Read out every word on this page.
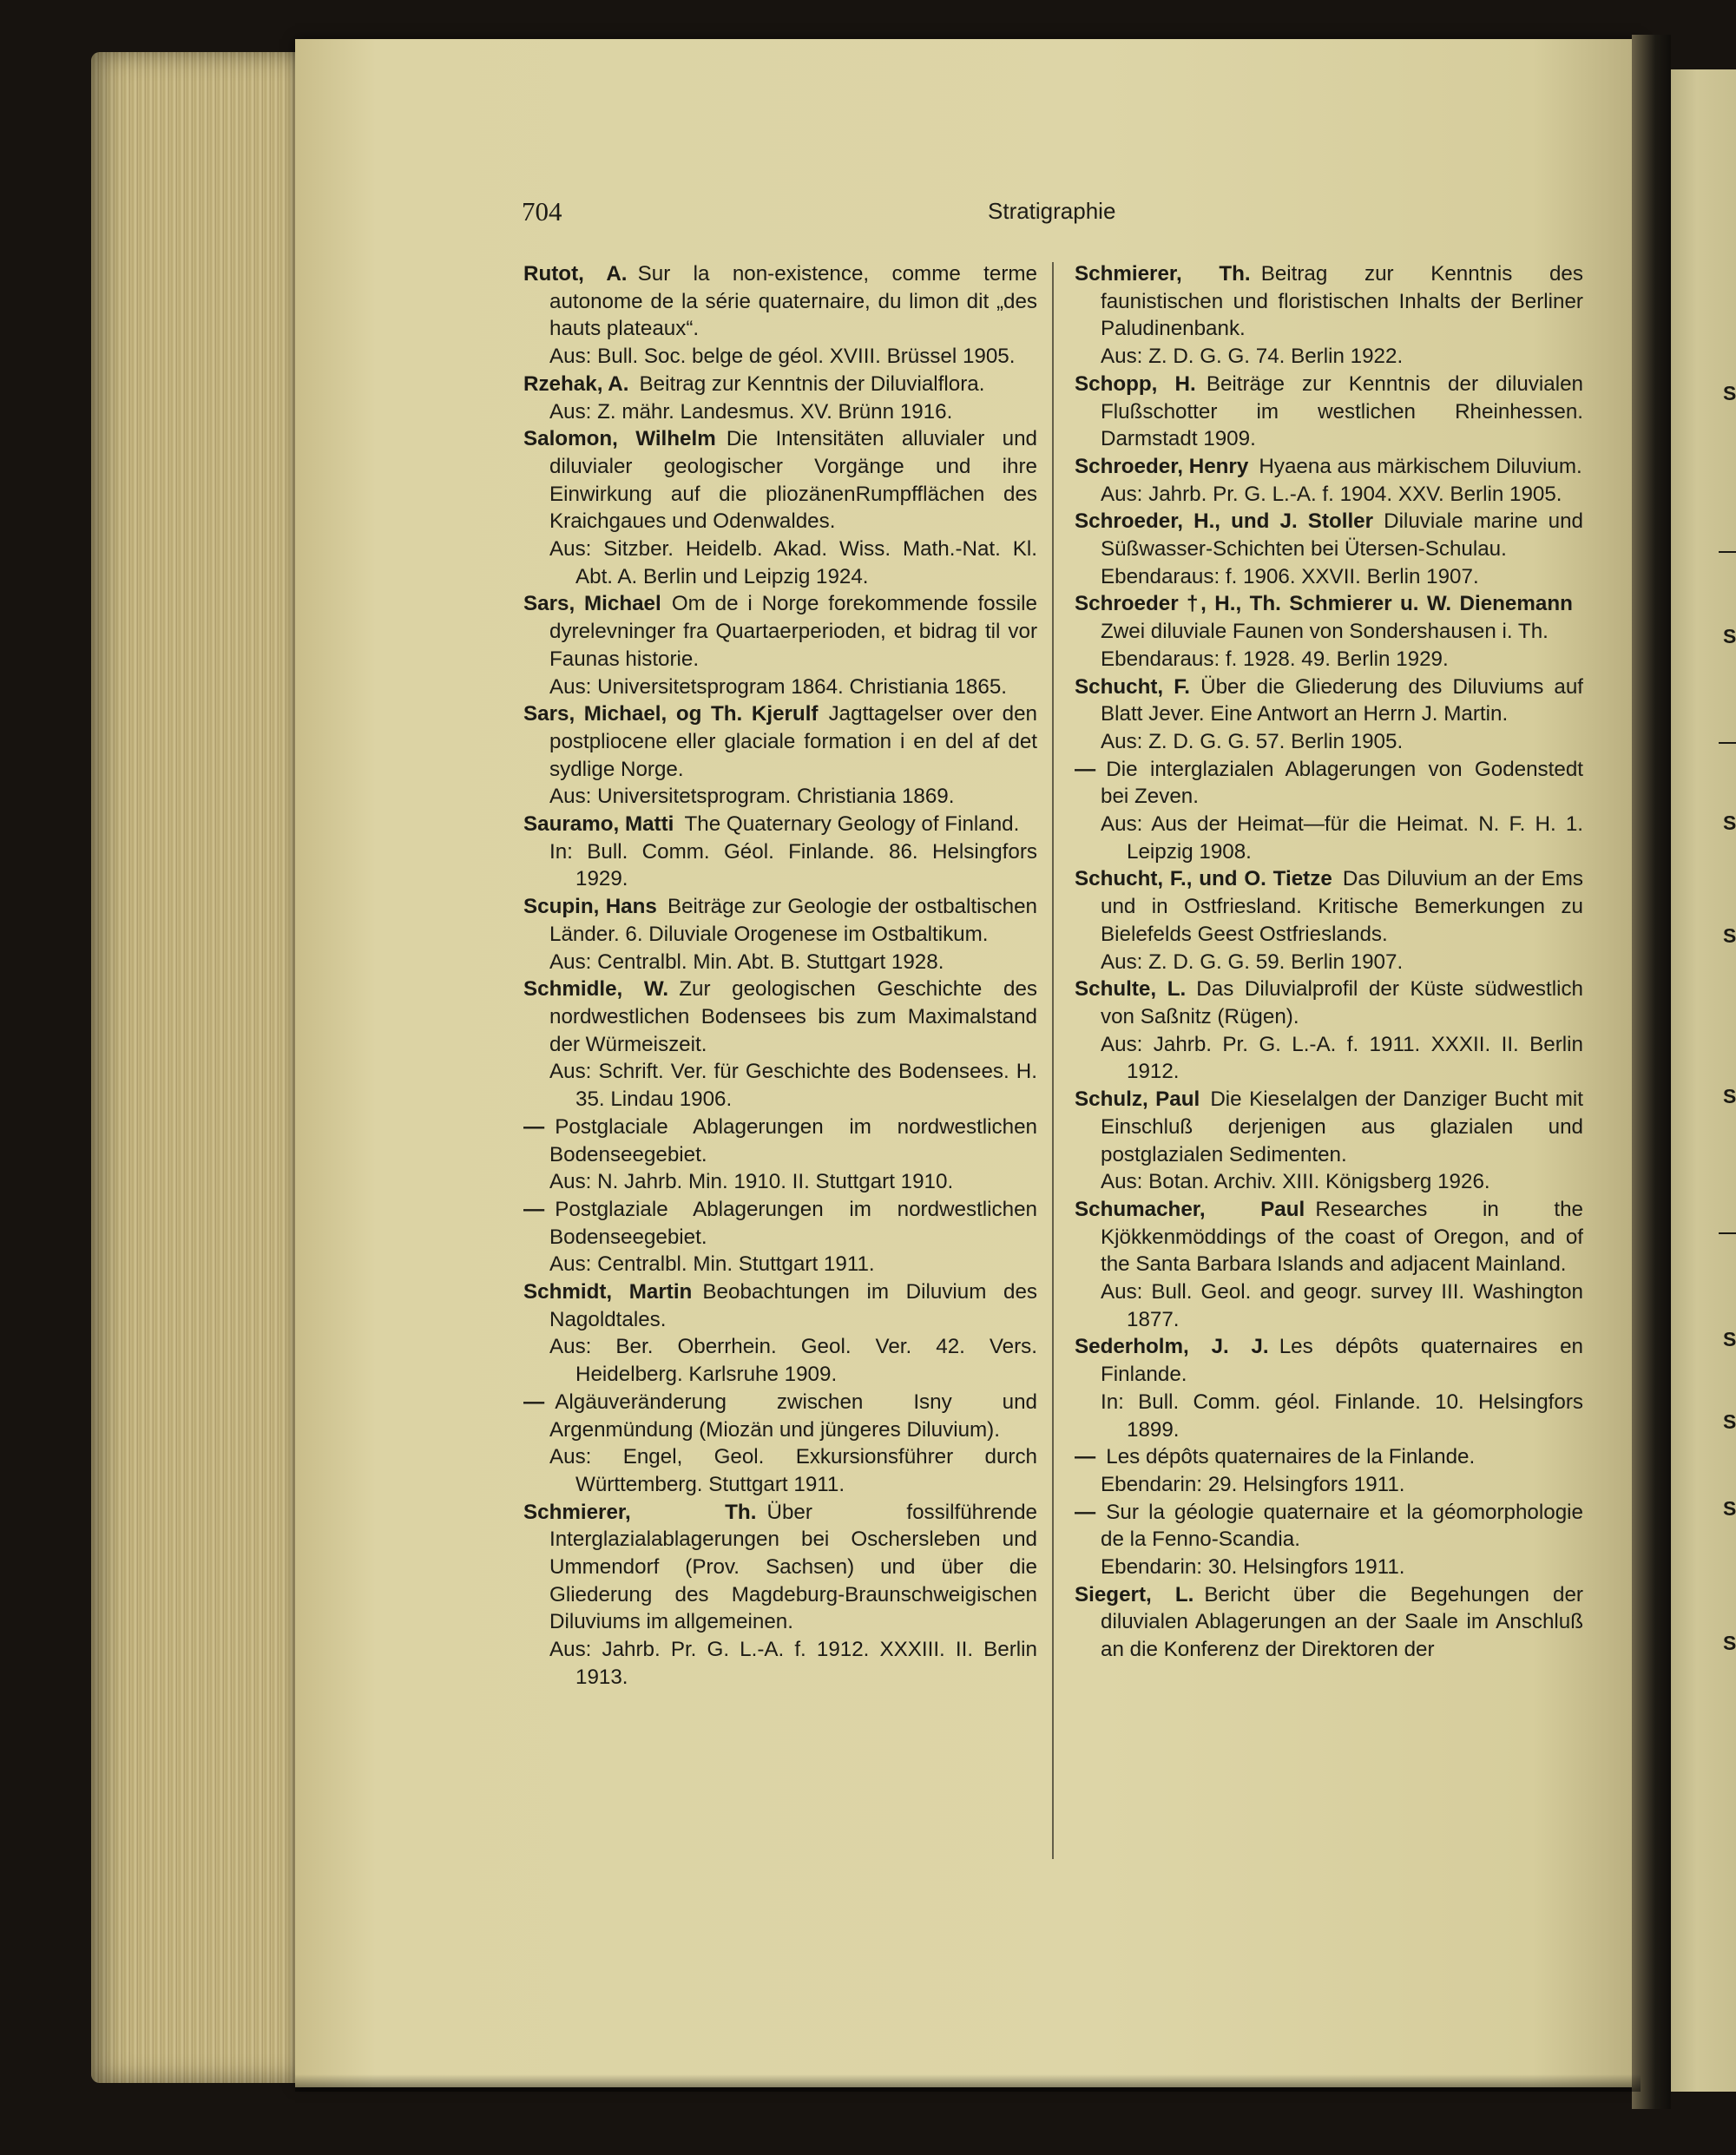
S
S
S
S
S
S
S
S
S
704	Stratigraphie
Rutot, A.  Sur la non-existence, comme terme autonome de la série quaternaire, du limon dit „des hauts plateaux“.
Aus: Bull. Soc. belge de géol. XVIII. Brüssel 1905.
Rzehak, A.  Beitrag zur Kenntnis der Diluvialflora.
Aus: Z. mähr. Landesmus. XV. Brünn 1916.
Salomon, Wilhelm  Die Intensitäten alluvialer und diluvialer geologischer Vorgänge und ihre Einwirkung auf die pliozänenRumpfflächen des Kraichgaues und Odenwaldes.
Aus: Sitzber. Heidelb. Akad. Wiss. Math.-Nat. Kl. Abt. A. Berlin und Leipzig 1924.
Sars, Michael  Om de i Norge forekommende fossile dyrelevninger fra Quartaerperioden, et bidrag til vor Faunas historie.
Aus: Universitetsprogram 1864. Christiania 1865.
Sars, Michael, og Th. Kjerulf  Jagttagelser over den postpliocene eller glaciale formation i en del af det sydlige Norge.
Aus: Universitetsprogram. Christiania 1869.
Sauramo, Matti  The Quaternary Geology of Finland.
In: Bull. Comm. Géol. Finlande. 86. Helsingfors 1929.
Scupin, Hans  Beiträge zur Geologie der ostbaltischen Länder. 6. Diluviale Orogenese im Ostbaltikum.
Aus: Centralbl. Min. Abt. B. Stuttgart 1928.
Schmidle, W.  Zur geologischen Geschichte des nordwestlichen Bodensees bis zum Maximalstand der Würmeiszeit.
Aus: Schrift. Ver. für Geschichte des Bodensees. H. 35. Lindau 1906.
—  Postglaciale Ablagerungen im nordwestlichen Bodenseegebiet.
Aus: N. Jahrb. Min. 1910. II. Stuttgart 1910.
—  Postglaziale Ablagerungen im nordwestlichen Bodenseegebiet.
Aus: Centralbl. Min. Stuttgart 1911.
Schmidt, Martin  Beobachtungen im Diluvium des Nagoldtales.
Aus: Ber. Oberrhein. Geol. Ver. 42. Vers. Heidelberg. Karlsruhe 1909.
—  Algäuveränderung zwischen Isny und Argenmündung (Miozän und jüngeres Diluvium).
Aus: Engel, Geol. Exkursionsführer durch Württemberg. Stuttgart 1911.
Schmierer, Th.  Über fossilführende Interglazialablagerungen bei Oschersleben und Ummendorf (Prov. Sachsen) und über die Gliederung des Magdeburg-Braunschweigischen Diluviums im allgemeinen.
Aus: Jahrb. Pr. G. L.-A. f. 1912. XXXIII. II. Berlin 1913.
Schmierer, Th.  Beitrag zur Kenntnis des faunistischen und floristischen Inhalts der Berliner Paludinenbank.
Aus: Z. D. G. G. 74. Berlin 1922.
Schopp, H.  Beiträge zur Kenntnis der diluvialen Flußschotter im westlichen Rheinhessen. Darmstadt 1909.
Schroeder, Henry  Hyaena aus märkischem Diluvium.
Aus: Jahrb. Pr. G. L.-A. f. 1904. XXV. Berlin 1905.
Schroeder, H., und J. Stoller  Diluviale marine und Süßwasser-Schichten bei Ütersen-Schulau.
Ebendaraus: f. 1906. XXVII. Berlin 1907.
Schroeder †, H., Th. Schmierer u. W. Dienemann Zwei diluviale Faunen von Sondershausen i. Th.
Ebendaraus: f. 1928. 49. Berlin 1929.
Schucht, F.  Über die Gliederung des Diluviums auf Blatt Jever. Eine Antwort an Herrn J. Martin.
Aus: Z. D. G. G. 57. Berlin 1905.
—  Die interglazialen Ablagerungen von Godenstedt bei Zeven.
Aus: Aus der Heimat—für die Heimat. N. F. H. 1. Leipzig 1908.
Schucht, F., und O. Tietze  Das Diluvium an der Ems und in Ostfriesland. Kritische Bemerkungen zu Bielefelds Geest Ostfrieslands.
Aus: Z. D. G. G. 59. Berlin 1907.
Schulte, L.  Das Diluvialprofil der Küste südwestlich von Saßnitz (Rügen).
Aus: Jahrb. Pr. G. L.-A. f. 1911. XXXII. II. Berlin 1912.
Schulz, Paul  Die Kieselalgen der Danziger Bucht mit Einschluß derjenigen aus glazialen und postglazialen Sedimenten.
Aus: Botan. Archiv. XIII. Königsberg 1926.
Schumacher, Paul  Researches in the Kjökkenmöddings of the coast of Oregon, and of the Santa Barbara Islands and adjacent Mainland.
Aus: Bull. Geol. and geogr. survey III. Washington 1877.
Sederholm, J. J.  Les dépôts quaternaires en Finlande.
In: Bull. Comm. géol. Finlande. 10. Helsingfors 1899.
—  Les dépôts quaternaires de la Finlande.
Ebendarin: 29. Helsingfors 1911.
—  Sur la géologie quaternaire et la géomorphologie de la Fenno-Scandia.
Ebendarin: 30. Helsingfors 1911.
Siegert, L.  Bericht über die Begehungen der diluvialen Ablagerungen an der Saale im Anschluß an die Konferenz der Direktoren der
